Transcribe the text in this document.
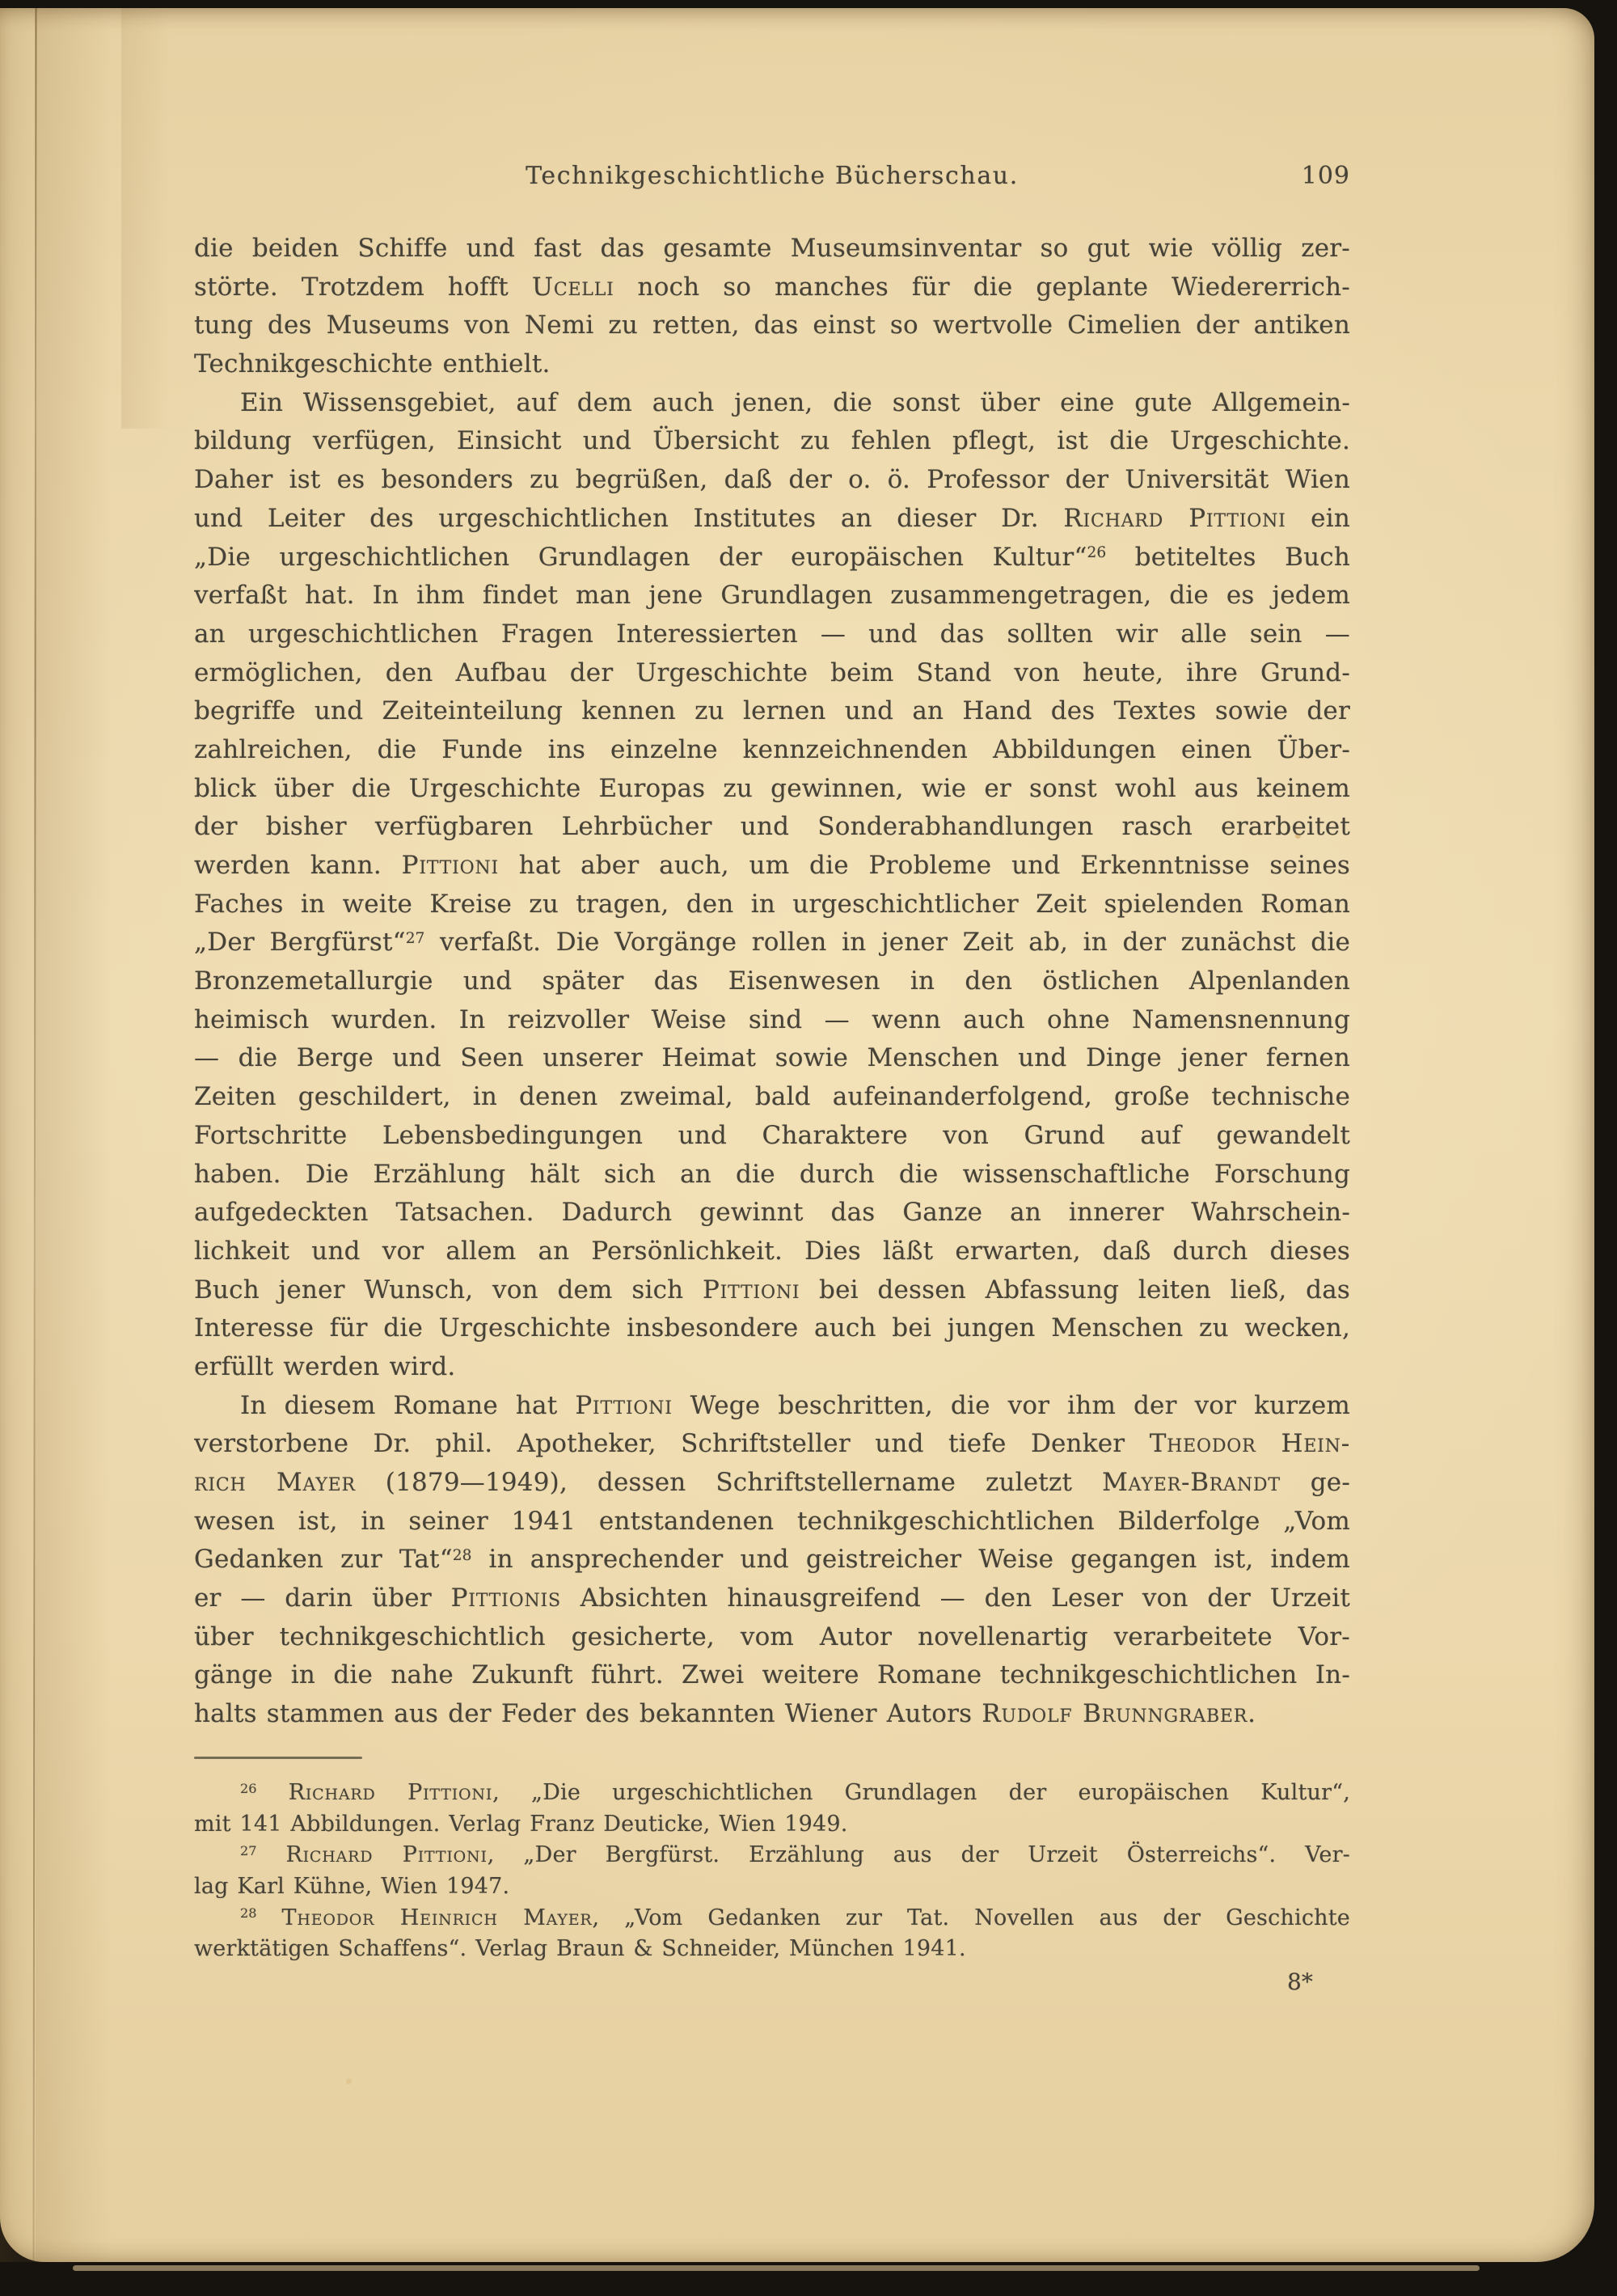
Technikgeschichtliche Bücherschau.	109
die beiden Schiffe und fast das gesamte Museumsinventar so gut wie völlig zer-
störte. Trotzdem hofft Ucelli noch so manches für die geplante Wiedererrich-
tung des Museums von Nemi zu retten, das einst so wertvolle Cimelien der antiken
Technikgeschichte enthielt.
Ein Wissensgebiet, auf dem auch jenen, die sonst über eine gute Allgemein-
bildung verfügen, Einsicht und Übersicht zu fehlen pflegt, ist die Urgeschichte.
Daher ist es besonders zu begrüßen, daß der o. ö. Professor der Universität Wien
und Leiter des urgeschichtlichen Institutes an dieser Dr. Richard Pittioni ein
„Die urgeschichtlichen Grundlagen der europäischen Kultur“$^{26}$ betiteltes Buch
verfaßt hat. In ihm findet man jene Grundlagen zusammengetragen, die es jedem
an urgeschichtlichen Fragen Interessierten — und das sollten wir alle sein —
ermöglichen, den Aufbau der Urgeschichte beim Stand von heute, ihre Grund-
begriffe und Zeiteinteilung kennen zu lernen und an Hand des Textes sowie der
zahlreichen, die Funde ins einzelne kennzeichnenden Abbildungen einen Über-
blick über die Urgeschichte Europas zu gewinnen, wie er sonst wohl aus keinem
der bisher verfügbaren Lehrbücher und Sonderabhandlungen rasch erarbeitet
werden kann. Pittioni hat aber auch, um die Probleme und Erkenntnisse seines
Faches in weite Kreise zu tragen, den in urgeschichtlicher Zeit spielenden Roman
„Der Bergfürst“$^{27}$ verfaßt. Die Vorgänge rollen in jener Zeit ab, in der zunächst die
Bronzemetallurgie und später das Eisenwesen in den östlichen Alpenlanden
heimisch wurden. In reizvoller Weise sind — wenn auch ohne Namensnennung
— die Berge und Seen unserer Heimat sowie Menschen und Dinge jener fernen
Zeiten geschildert, in denen zweimal, bald aufeinanderfolgend, große technische
Fortschritte Lebensbedingungen und Charaktere von Grund auf gewandelt
haben. Die Erzählung hält sich an die durch die wissenschaftliche Forschung
aufgedeckten Tatsachen. Dadurch gewinnt das Ganze an innerer Wahrschein-
lichkeit und vor allem an Persönlichkeit. Dies läßt erwarten, daß durch dieses
Buch jener Wunsch, von dem sich Pittioni bei dessen Abfassung leiten ließ, das
Interesse für die Urgeschichte insbesondere auch bei jungen Menschen zu wecken,
erfüllt werden wird.
In diesem Romane hat Pittioni Wege beschritten, die vor ihm der vor kurzem
verstorbene Dr. phil. Apotheker, Schriftsteller und tiefe Denker Theodor Hein-
rich Mayer (1879—1949), dessen Schriftstellername zuletzt Mayer-Brandt ge-
wesen ist, in seiner 1941 entstandenen technikgeschichtlichen Bilderfolge „Vom
Gedanken zur Tat“$^{28}$ in ansprechender und geistreicher Weise gegangen ist, indem
er — darin über Pittionis Absichten hinausgreifend — den Leser von der Urzeit
über technikgeschichtlich gesicherte, vom Autor novellenartig verarbeitete Vor-
gänge in die nahe Zukunft führt. Zwei weitere Romane technikgeschichtlichen In-
halts stammen aus der Feder des bekannten Wiener Autors Rudolf Brunngraber.
$^{26}$ Richard Pittioni, „Die urgeschichtlichen Grundlagen der europäischen Kultur“,
mit 141 Abbildungen. Verlag Franz Deuticke, Wien 1949.
$^{27}$ Richard Pittioni, „Der Bergfürst. Erzählung aus der Urzeit Österreichs“. Ver-
lag Karl Kühne, Wien 1947.
$^{28}$ Theodor Heinrich Mayer, „Vom Gedanken zur Tat. Novellen aus der Geschichte
werktätigen Schaffens“. Verlag Braun & Schneider, München 1941.
8*
